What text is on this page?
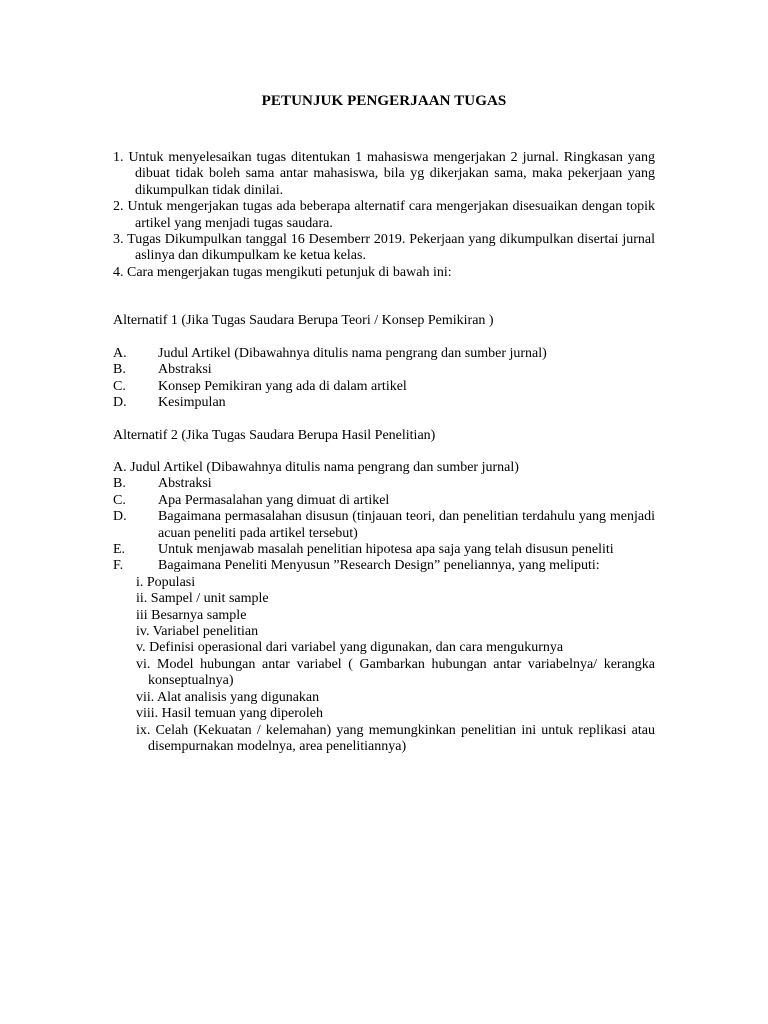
PETUNJUK PENGERJAAN TUGAS
1. Untuk menyelesaikan tugas ditentukan 1 mahasiswa mengerjakan 2 jurnal. Ringkasan yang dibuat tidak boleh sama antar mahasiswa, bila yg dikerjakan sama, maka pekerjaan yang dikumpulkan tidak dinilai.
2. Untuk mengerjakan tugas ada beberapa alternatif cara mengerjakan disesuaikan dengan topik artikel yang menjadi tugas saudara.
3. Tugas Dikumpulkan tanggal 16 Desemberr 2019. Pekerjaan yang dikumpulkan disertai jurnal aslinya dan dikumpulkam ke ketua kelas.
4. Cara mengerjakan tugas mengikuti petunjuk di bawah ini:
Alternatif 1 (Jika Tugas Saudara Berupa Teori / Konsep Pemikiran )
A.	Judul Artikel (Dibawahnya ditulis nama pengrang dan sumber jurnal)
B.	Abstraksi
C.	Konsep Pemikiran yang ada di dalam artikel
D.	Kesimpulan
Alternatif 2 (Jika Tugas Saudara Berupa Hasil Penelitian)
A. Judul Artikel (Dibawahnya ditulis nama pengrang dan sumber jurnal)
B.	Abstraksi
C.	Apa Permasalahan yang dimuat di artikel
D. Bagaimana permasalahan disusun (tinjauan teori, dan penelitian terdahulu yang menjadi acuan peneliti pada artikel tersebut)
E.	Untuk menjawab masalah penelitian hipotesa apa saja yang telah disusun peneliti
F.	Bagaimana Peneliti Menyusun ”Research Design” peneliannya, yang meliputi:
i. Populasi
ii. Sampel / unit sample
iii Besarnya sample
iv. Variabel penelitian
v. Definisi operasional dari variabel yang digunakan, dan cara mengukurnya
vi. Model hubungan antar variabel ( Gambarkan hubungan antar variabelnya/ kerangka konseptualnya)
vii. Alat analisis yang digunakan
viii. Hasil temuan yang diperoleh
ix. Celah (Kekuatan / kelemahan) yang memungkinkan penelitian ini untuk replikasi atau disempurnakan modelnya, area penelitiannya)
